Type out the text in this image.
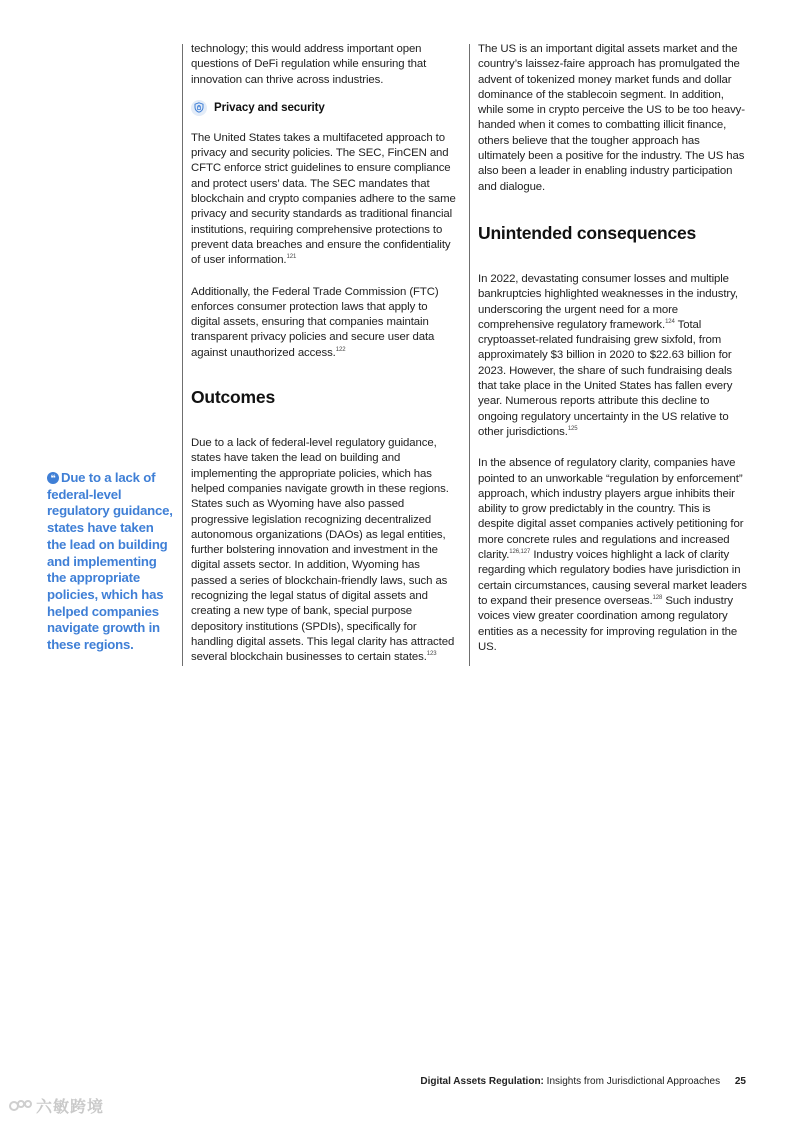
❝ Due to a lack of federal-level regulatory guidance, states have taken the lead on building and implementing the appropriate policies, which has helped companies navigate growth in these regions.

technology; this would address important open questions of DeFi regulation while ensuring that innovation can thrive across industries.

Privacy and security

The United States takes a multifaceted approach to privacy and security policies. The SEC, FinCEN and CFTC enforce strict guidelines to ensure compliance and protect users’ data. The SEC mandates that blockchain and crypto companies adhere to the same privacy and security standards as traditional financial institutions, requiring comprehensive protections to prevent data breaches and ensure the confidentiality of user information.$^{121}$

Additionally, the Federal Trade Commission (FTC) enforces consumer protection laws that apply to digital assets, ensuring that companies maintain transparent privacy policies and secure user data against unauthorized access.$^{122}$

Outcomes

Due to a lack of federal-level regulatory guidance, states have taken the lead on building and implementing the appropriate policies, which has helped companies navigate growth in these regions. States such as Wyoming have also passed progressive legislation recognizing decentralized autonomous organizations (DAOs) as legal entities, further bolstering innovation and investment in the digital assets sector. In addition, Wyoming has passed a series of blockchain-friendly laws, such as recognizing the legal status of digital assets and creating a new type of bank, special purpose depository institutions (SPDIs), specifically for handling digital assets. This legal clarity has attracted several blockchain businesses to certain states.$^{123}$

The US is an important digital assets market and the country’s laissez-faire approach has promulgated the advent of tokenized money market funds and dollar dominance of the stablecoin segment. In addition, while some in crypto perceive the US to be too heavy-handed when it comes to combatting illicit finance, others believe that the tougher approach has ultimately been a positive for the industry. The US has also been a leader in enabling industry participation and dialogue.

Unintended consequences

In 2022, devastating consumer losses and multiple bankruptcies highlighted weaknesses in the industry, underscoring the urgent need for a more comprehensive regulatory framework.$^{124}$ Total cryptoasset-related fundraising grew sixfold, from approximately $3 billion in 2020 to $22.63 billion for 2023. However, the share of such fundraising deals that take place in the United States has fallen every year. Numerous reports attribute this decline to ongoing regulatory uncertainty in the US relative to other jurisdictions.$^{125}$

In the absence of regulatory clarity, companies have pointed to an unworkable “regulation by enforcement” approach, which industry players argue inhibits their ability to grow predictably in the country. This is despite digital asset companies actively petitioning for more concrete rules and regulations and increased clarity.$^{126,127}$ Industry voices highlight a lack of clarity regarding which regulatory bodies have jurisdiction in certain circumstances, causing several market leaders to expand their presence overseas.$^{128}$ Such industry voices view greater coordination among regulatory entities as a necessity for improving regulation in the US.

Digital Assets Regulation: Insights from Jurisdictional Approaches 25
六敏跨境
